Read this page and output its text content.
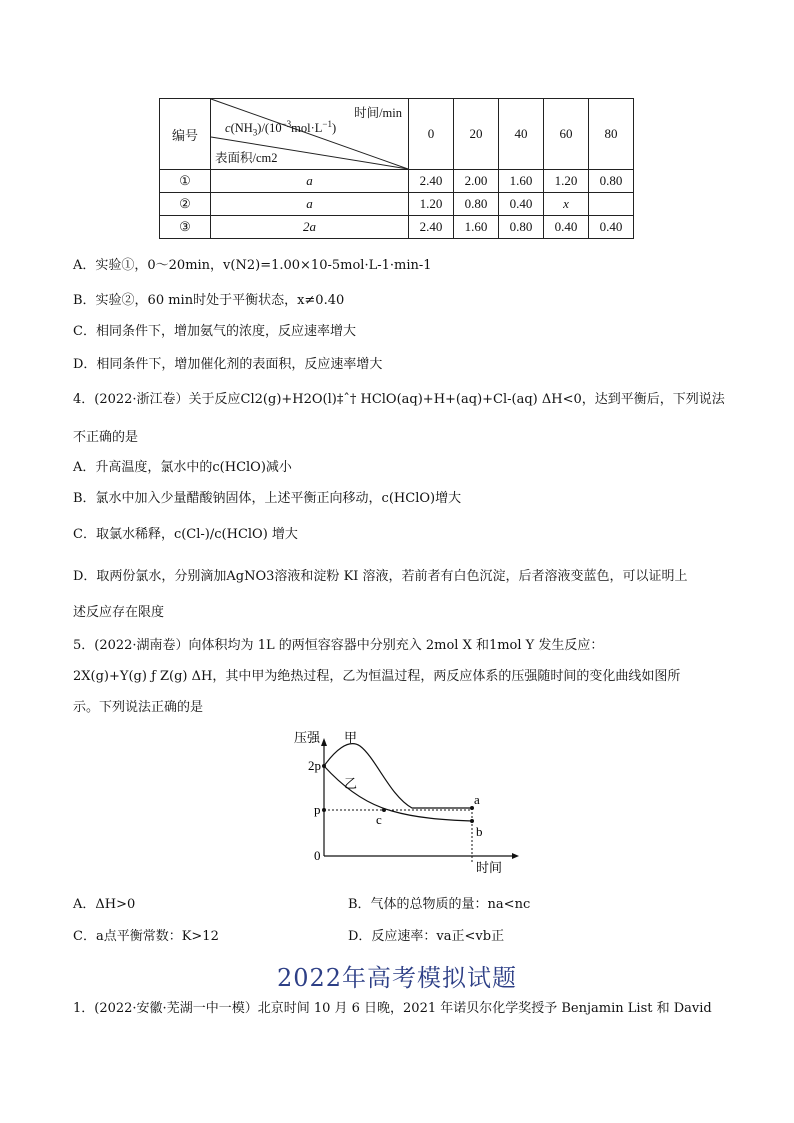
编号	时间/min
$c(NH_3)/(10^{-3}mol\cdot L^{-1})$
表面积/cm2	0	20	40	60	80
①	a	2.40	2.00	1.60	1.20	0.80
②	a	1.20	0.80	0.40	x	
③	2a	2.40	1.60	0.80	0.40	0.40
A．实验①，0～20min，v(N2)=1.00×10-5mol·L-1·min-1
B．实验②，60 min时处于平衡状态，x≠0.40
C．相同条件下，增加氨气的浓度，反应速率增大
D．相同条件下，增加催化剂的表面积，反应速率增大
4．(2022·浙江卷）关于反应Cl2(g)+H2O(l)‡ˆ† HClO(aq)+H+(aq)+Cl-(aq) ΔH<0，达到平衡后，下列说法
不正确的是
A．升高温度，氯水中的c(HClO)减小
B．氯水中加入少量醋酸钠固体，上述平衡正向移动，c(HClO)增大
C．取氯水稀释，c(Cl-)/c(HClO) 增大
D．取两份氯水，分别滴加AgNO3溶液和淀粉 KI 溶液，若前者有白色沉淀，后者溶液变蓝色，可以证明上
述反应存在限度
5．(2022·湖南卷）向体积均为 1L 的两恒容容器中分别充入 2mol X 和1mol Y 发生反应：
2X(g)+Y(g) ƒ Z(g) ΔH，其中甲为绝热过程，乙为恒温过程，两反应体系的压强随时间的变化曲线如图所
示。下列说法正确的是
压强 甲
乙
2p
p
0
a
b
c
时间
A．ΔH>0	B．气体的总物质的量：na<nc
C．a点平衡常数：K>12	D．反应速率：va正<vb正
2022年高考模拟试题
1．(2022·安徽·芜湖一中一模）北京时间 10 月 6 日晚，2021 年诺贝尔化学奖授予 Benjamin List 和 David
